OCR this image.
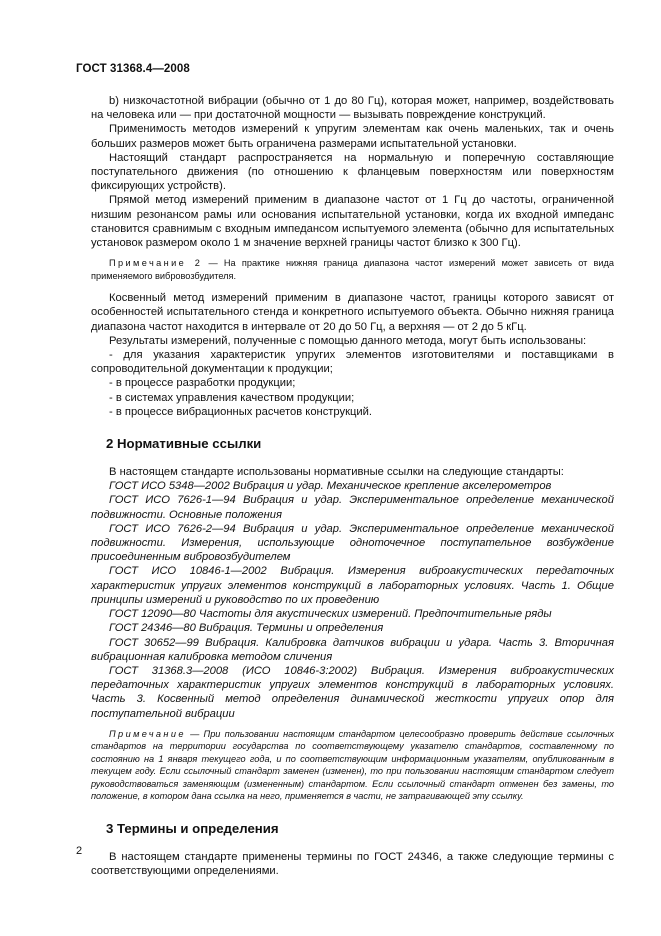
ГОСТ 31368.4—2008

b) низкочастотной вибрации (обычно от 1 до 80 Гц), которая может, например, воздействовать на человека или — при достаточной мощности — вызывать повреждение конструкций.

Применимость методов измерений к упругим элементам как очень маленьких, так и очень больших размеров может быть ограничена размерами испытательной установки.

Настоящий стандарт распространяется на нормальную и поперечную составляющие поступательного движения (по отношению к фланцевым поверхностям или поверхностям фиксирующих устройств).

Прямой метод измерений применим в диапазоне частот от 1 Гц до частоты, ограниченной низшим резонансом рамы или основания испытательной установки, когда их входной импеданс становится сравнимым с входным импедансом испытуемого элемента (обычно для испытательных установок размером около 1 м значение верхней границы частот близко к 300 Гц).

Примечание 2 — На практике нижняя граница диапазона частот измерений может зависеть от вида применяемого вибровозбудителя.

Косвенный метод измерений применим в диапазоне частот, границы которого зависят от особенностей испытательного стенда и конкретного испытуемого объекта. Обычно нижняя граница диапазона частот находится в интервале от 20 до 50 Гц, а верхняя — от 2 до 5 кГц.

Результаты измерений, полученные с помощью данного метода, могут быть использованы:

- для указания характеристик упругих элементов изготовителями и поставщиками в сопроводительной документации к продукции;

- в процессе разработки продукции;

- в системах управления качеством продукции;

- в процессе вибрационных расчетов конструкций.

2 Нормативные ссылки

В настоящем стандарте использованы нормативные ссылки на следующие стандарты:

ГОСТ ИСО 5348—2002 Вибрация и удар. Механическое крепление акселерометров

ГОСТ ИСО 7626-1—94 Вибрация и удар. Экспериментальное определение механической подвижности. Основные положения

ГОСТ ИСО 7626-2—94 Вибрация и удар. Экспериментальное определение механической подвижности. Измерения, использующие одноточечное поступательное возбуждение присоединенным вибровозбудителем

ГОСТ ИСО 10846-1—2002 Вибрация. Измерения виброакустических передаточных характеристик упругих элементов конструкций в лабораторных условиях. Часть 1. Общие принципы измерений и руководство по их проведению

ГОСТ 12090—80 Частоты для акустических измерений. Предпочтительные ряды

ГОСТ 24346—80 Вибрация. Термины и определения

ГОСТ 30652—99 Вибрация. Калибровка датчиков вибрации и удара. Часть 3. Вторичная вибрационная калибровка методом сличения

ГОСТ 31368.3—2008 (ИСО 10846-3:2002) Вибрация. Измерения виброакустических передаточных характеристик упругих элементов конструкций в лабораторных условиях. Часть 3. Косвенный метод определения динамической жесткости упругих опор для поступательной вибрации

Примечание — При пользовании настоящим стандартом целесообразно проверить действие ссылочных стандартов на территории государства по соответствующему указателю стандартов, составленному по состоянию на 1 января текущего года, и по соответствующим информационным указателям, опубликованным в текущем году. Если ссылочный стандарт заменен (изменен), то при пользовании настоящим стандартом следует руководствоваться заменяющим (измененным) стандартом. Если ссылочный стандарт отменен без замены, то положение, в котором дана ссылка на него, применяется в части, не затрагивающей эту ссылку.

3 Термины и определения

В настоящем стандарте применены термины по ГОСТ 24346, а также следующие термины с соответствующими определениями.

2
